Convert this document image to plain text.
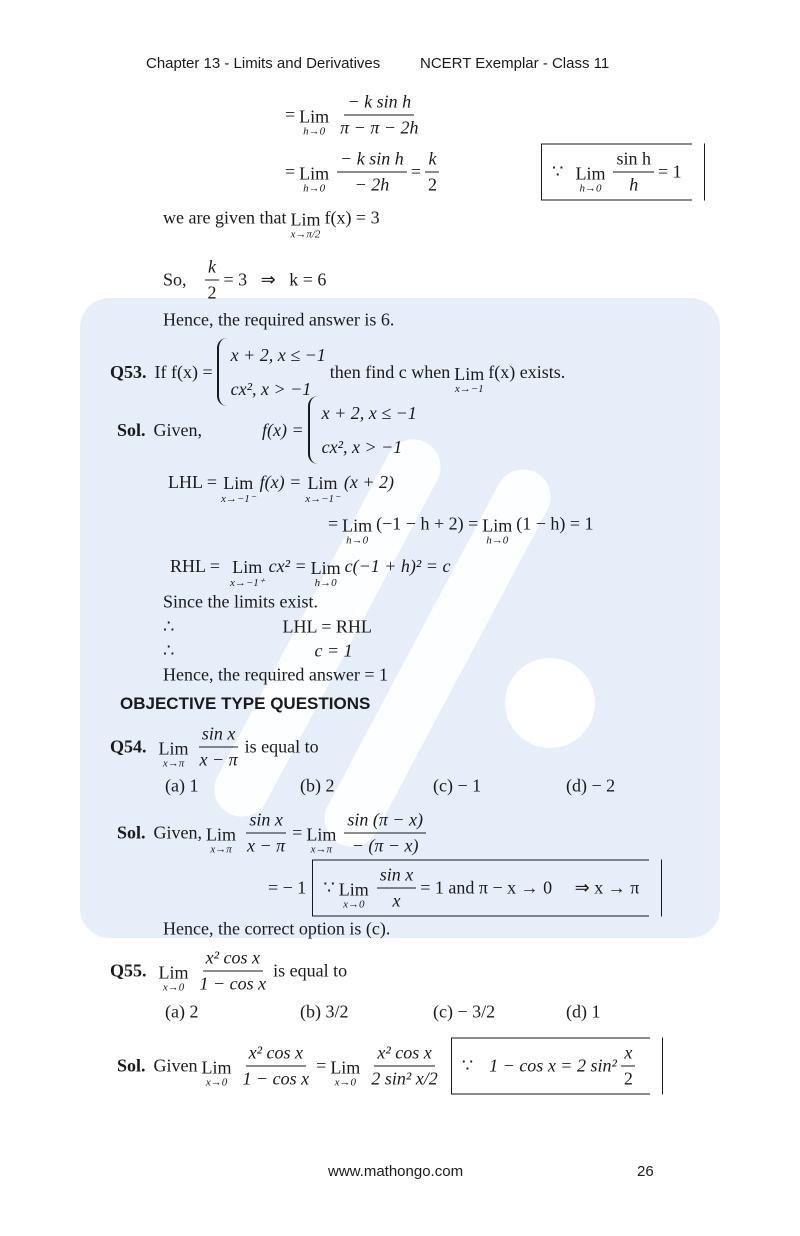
Chapter 13 - Limits and Derivatives	NCERT Exemplar - Class 11
= Lim
$h\to 0 \frac{\text{− k sin h}}{\pi - \pi - 2h}$
= Lim
$h\to 0 \frac{\text{− k sin h}}{- 2h} = \frac{k}{2}$	∵ Lim
$h\to 0 \frac{\text{sin h}}{h} = 1$
we are given that Lim
x→π/2
f(x) = 3
So, $\frac{k}{2} = 3$   ⇒   k = 6
Hence, the required answer is 6.
Q53. If f(x) =
x + 2, x ≤ −1
cx², x > −1
then find c when Lim
x→−1
f(x) exists.
Sol. Given,	f(x) =
x + 2, x ≤ −1
cx², x > −1
LHL = Lim
x→−1⁻
f(x) = Lim
x→−1⁻
(x + 2)
= Lim
h→0
(−1 − h + 2) = Lim
h→0
(1 − h) = 1
RHL = Lim
x→−1⁺
cx² = Lim
h→0
c(−1 + h)² = c
Since the limits exist.
∴	LHL = RHL
∴	c = 1
Hence, the required answer = 1
OBJECTIVE TYPE QUESTIONS
Q54. Lim
$x\to\pi \frac{\text{sin x}}{x - \pi}$ is equal to
(a) 1	(b) 2	(c) − 1	(d) − 2
Sol. Given, Lim
$x\to\pi \frac{\text{sin x}}{x - \pi}$ = Lim
$x\to\pi \frac{\sin (\pi - x)}{- (\pi - x)}$
= − 1 ∵ Lim
$x\to 0 \frac{\text{sin x}}{x} = 1$ and π − x → 0     ⇒ x → π
Hence, the correct option is (c).
Q55. Lim
$x\to 0 \frac{\text{x² cos x}}{\text{1 − cos x}}$ is equal to
(a) 2	(b) 3/2	(c) − 3/2	(d) 1
Sol. Given Lim
$x\to 0 \frac{\text{x² cos x}}{\text{1 − cos x}}$ = Lim
$x\to 0 \frac{\text{x² cos x}}{\text{2 sin² x/2}}$ ∵ 1 − cos x = 2 $\sin^2 \frac{x}{2}$
www.mathongo.com	26
